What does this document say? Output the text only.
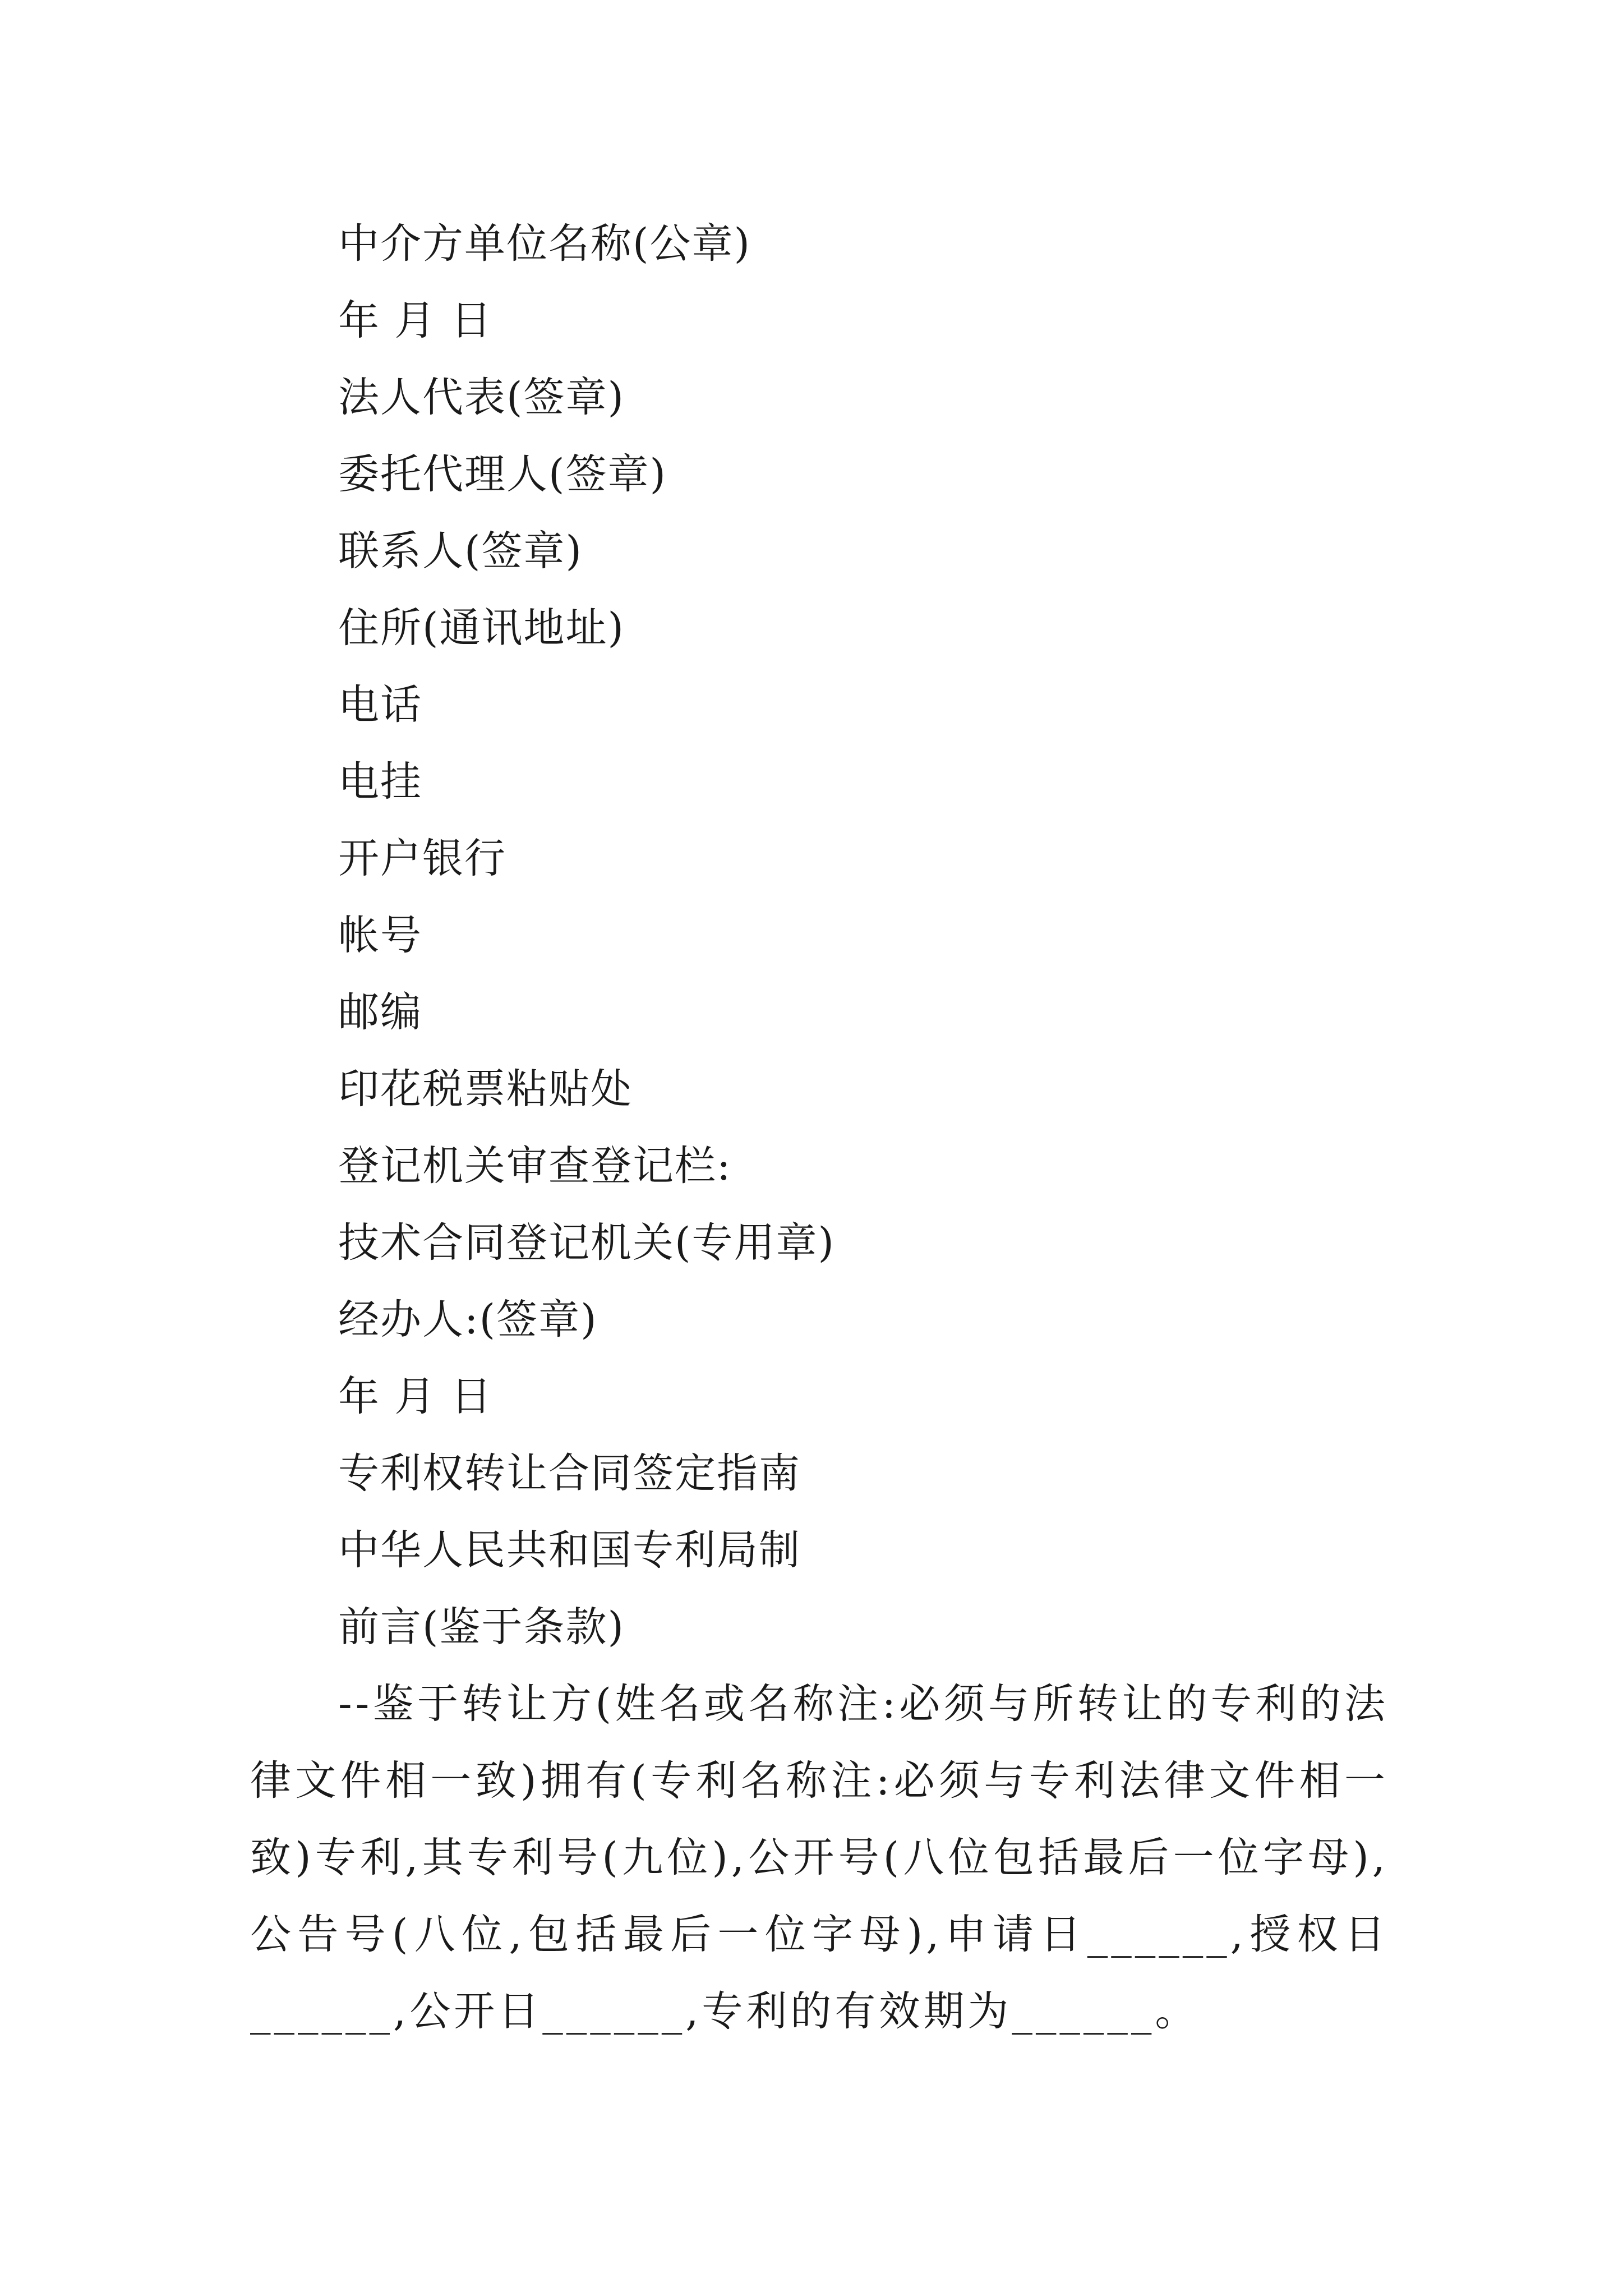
中介方单位名称(公章)
年 月 日
法人代表(签章)
委托代理人(签章)
联系人(签章)
住所(通讯地址)
电话
电挂
开户银行
帐号
邮编
印花税票粘贴处
登记机关审查登记栏:
技术合同登记机关(专用章)
经办人:(签章)
年 月 日
专利权转让合同签定指南
中华人民共和国专利局制
前言(鉴于条款)

--鉴于转让方(姓名或名称注:必须与所转让的专利的法律文件相一致)拥有(专利名称注:必须与专利法律文件相一致)专利,其专利号(九位),公开号(八位包括最后一位字母),公告号(八位,包括最后一位字母),申请日______,授权日______,公开日______,专利的有效期为______。
